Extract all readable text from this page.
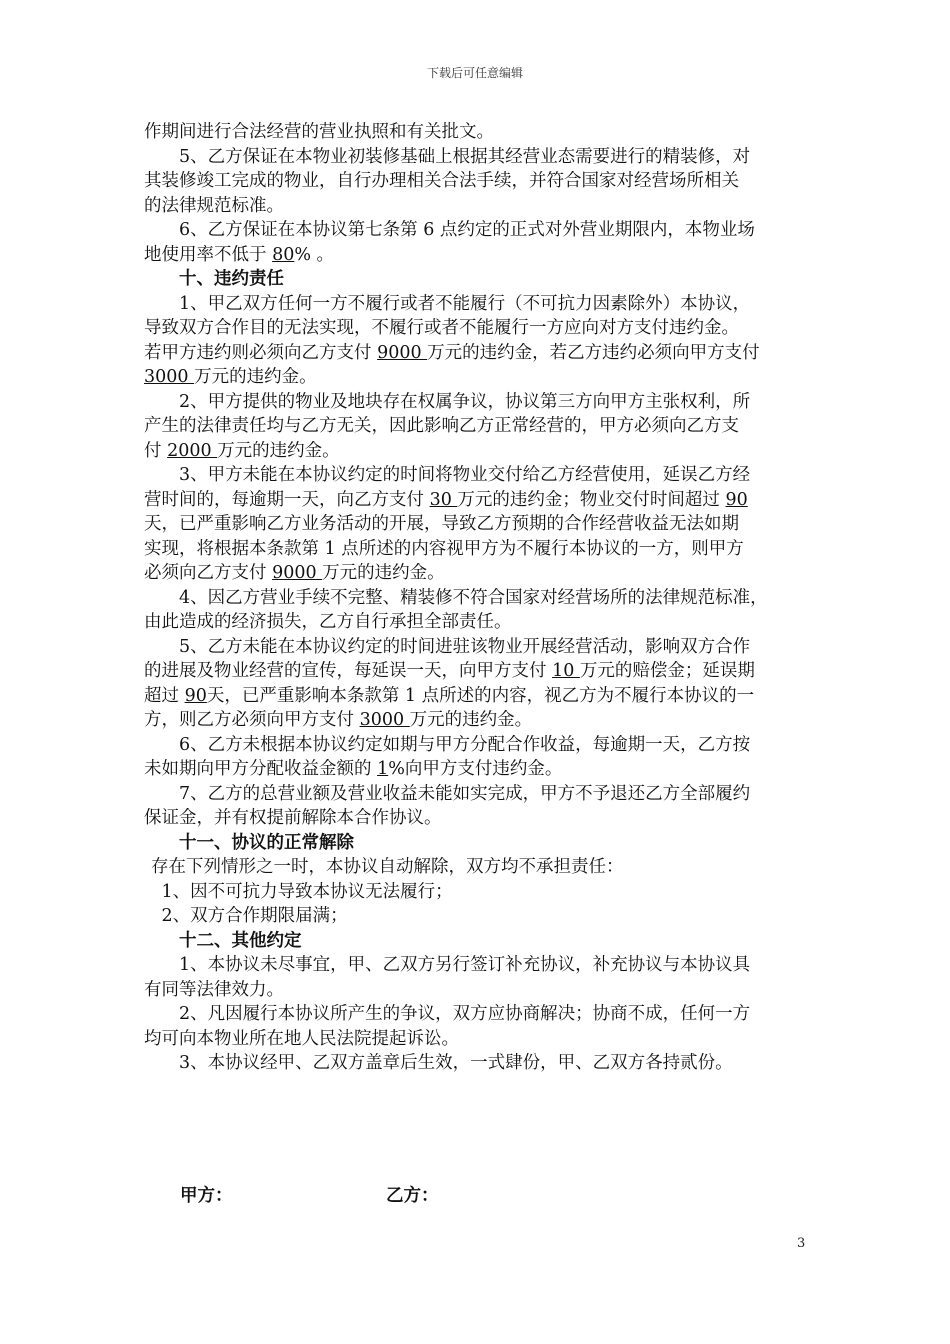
下载后可任意编辑
作期间进行合法经营的营业执照和有关批文。
5、乙方保证在本物业初装修基础上根据其经营业态需要进行的精装修，对
其装修竣工完成的物业，自行办理相关合法手续，并符合国家对经营场所相关
的法律规范标准。
6、乙方保证在本协议第七条第 6 点约定的正式对外营业期限内，本物业场
地使用率不低于 80% 。
十、违约责任
1、甲乙双方任何一方不履行或者不能履行（不可抗力因素除外）本协议，
导致双方合作目的无法实现，不履行或者不能履行一方应向对方支付违约金。
若甲方违约则必须向乙方支付 9000 万元的违约金，若乙方违约必须向甲方支付
3000 万元的违约金。
2、甲方提供的物业及地块存在权属争议，协议第三方向甲方主张权利，所
产生的法律责任均与乙方无关，因此影响乙方正常经营的，甲方必须向乙方支
付 2000 万元的违约金。
3、甲方未能在本协议约定的时间将物业交付给乙方经营使用，延误乙方经
营时间的，每逾期一天，向乙方支付 30 万元的违约金；物业交付时间超过 90
天，已严重影响乙方业务活动的开展，导致乙方预期的合作经营收益无法如期
实现，将根据本条款第 1 点所述的内容视甲方为不履行本协议的一方，则甲方
必须向乙方支付 9000 万元的违约金。
4、因乙方营业手续不完整、精装修不符合国家对经营场所的法律规范标准，
由此造成的经济损失，乙方自行承担全部责任。
5、乙方未能在本协议约定的时间进驻该物业开展经营活动，影响双方合作
的进展及物业经营的宣传，每延误一天，向甲方支付 10 万元的赔偿金；延误期
超过 90天，已严重影响本条款第 1 点所述的内容，视乙方为不履行本协议的一
方，则乙方必须向甲方支付 3000 万元的违约金。
6、乙方未根据本协议约定如期与甲方分配合作收益，每逾期一天，乙方按
未如期向甲方分配收益金额的 1%向甲方支付违约金。
7、乙方的总营业额及营业收益未能如实完成，甲方不予退还乙方全部履约
保证金，并有权提前解除本合作协议。
十一、协议的正常解除
存在下列情形之一时，本协议自动解除，双方均不承担责任：
1、因不可抗力导致本协议无法履行；
2、双方合作期限届满；
十二、其他约定
1、本协议未尽事宜，甲、乙双方另行签订补充协议，补充协议与本协议具
有同等法律效力。
2、凡因履行本协议所产生的争议，双方应协商解决；协商不成，任何一方
均可向本物业所在地人民法院提起诉讼。
3、本协议经甲、乙双方盖章后生效，一式肆份，甲、乙双方各持贰份。
甲方：	乙方：
3
